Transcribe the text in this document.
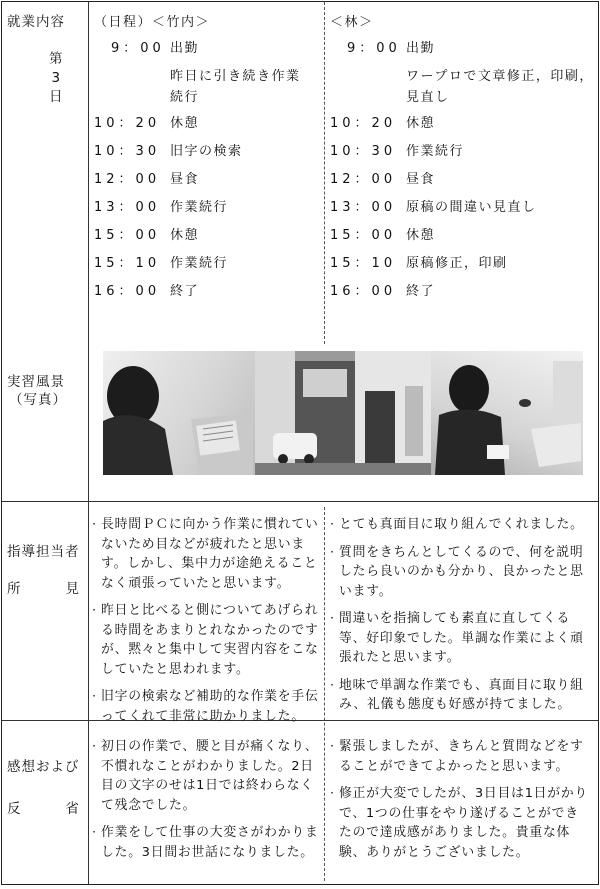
就業内容
第
3
日
実習風景
（写真）
指導担当者
所　　見
感想および
反　　省
（日程）＜竹内＞
　9：00 出勤
昨日に引き続き作業
続行
10：20 休憩
10：30 旧字の検索
12：00 昼食
13：00 作業続行
15：00 休憩
15：10 作業続行
16：00 終了
＜林＞
　9：00 出勤
ワープロで文章修正，印刷，
見直し
10：20 休憩
10：30 作業続行
12：00 昼食
13：00 原稿の間違い見直し
15：00 休憩
15：10 原稿修正，印刷
16：00 終了
· 長時間ＰＣに向かう作業に慣れていないため目などが疲れたと思います。しかし、集中力が途絶えることなく頑張っていたと思います。
· 昨日と比べると側についてあげられる時間をあまりとれなかったのですが、黙々と集中して実習内容をこなしていたと思われます。
· 旧字の検索など補助的な作業を手伝ってくれて非常に助かりました。
· とても真面目に取り組んでくれました。
· 質問をきちんとしてくるので、何を説明したら良いのかも分かり、良かったと思います。
· 間違いを指摘しても素直に直してくる等、好印象でした。単調な作業によく頑張れたと思います。
· 地味で単調な作業でも、真面目に取り組み、礼儀も態度も好感が持てました。
· 初日の作業で、腰と目が痛くなり、不慣れなことがわかりました。2日目の文字のせは1日では終わらなくて残念でした。
· 作業をして仕事の大変さがわかりました。3日間お世話になりました。
· 緊張しましたが、きちんと質問などをすることができてよかったと思います。
· 修正が大変でしたが、3日目は1日がかりで、1つの仕事をやり遂げることができたので達成感がありました。貴重な体験、ありがとうございました。
